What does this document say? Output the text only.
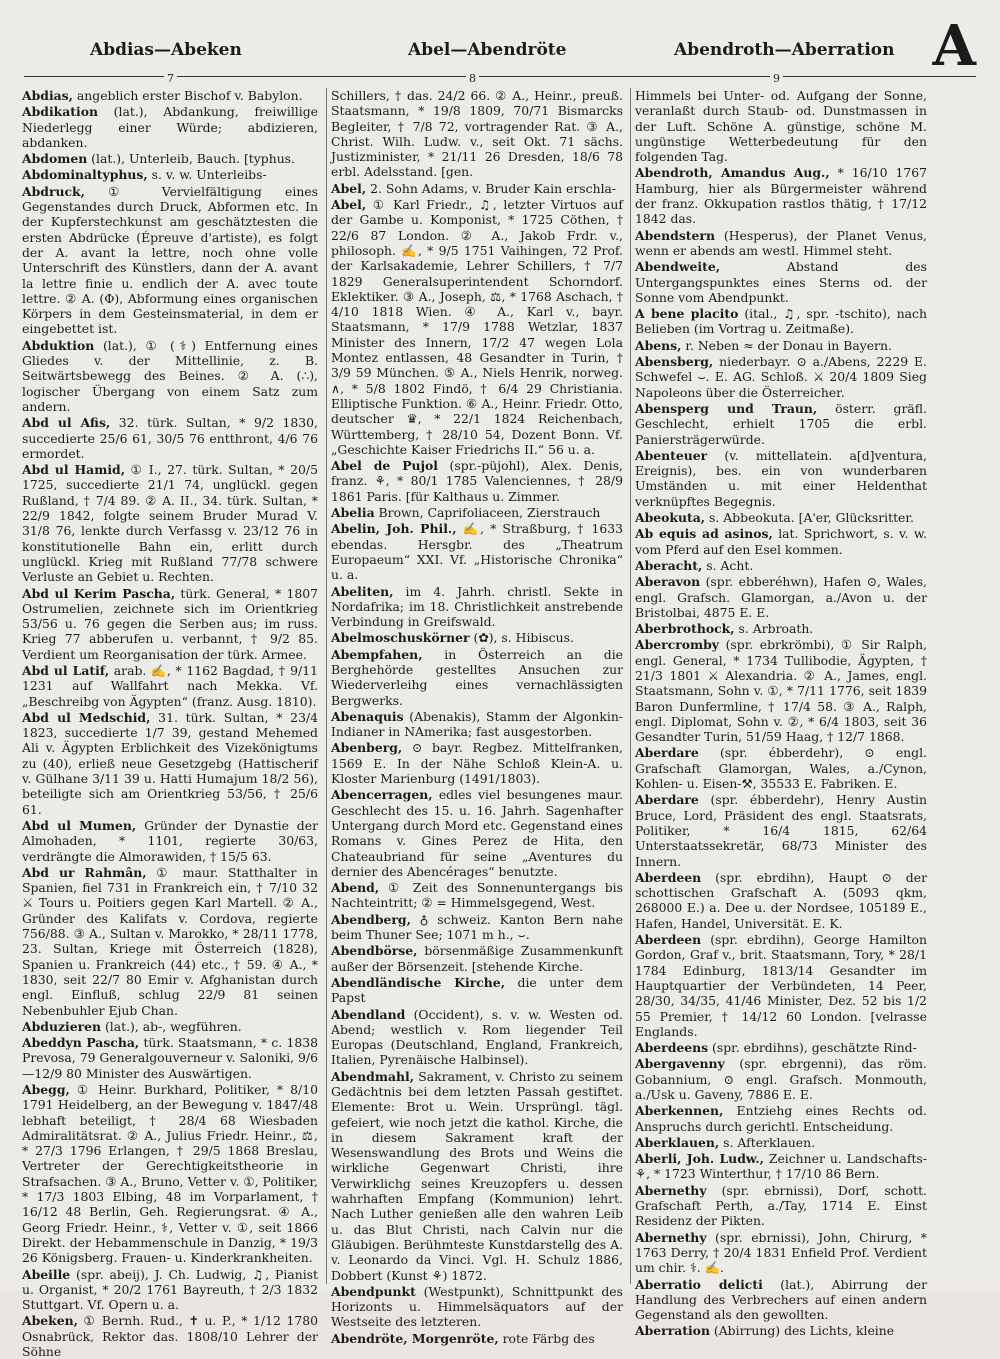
Abdias—Abeken	Abel—Abendröte	Abendroth—Aberration A
7	8	9

Abdias, angeblich erster Bischof v. Babylon.

Abdikation (lat.), Abdankung, freiwillige Niederlegg einer Würde; abdizieren, abdanken.

Abdomen (lat.), Unterleib, Bauch. [typhus.

Abdominaltyphus, s. v. w. Unterleibs-

Abdruck, ① Vervielfältigung eines Gegenstandes durch Druck, Abformen etc. In der Kupferstechkunst am geschätztesten die ersten Abdrücke (Épreuve d'artiste), es folgt der A. avant la lettre, noch ohne volle Unterschrift des Künstlers, dann der A. avant la lettre finie u. endlich der A. avec toute lettre. ② A. (Φ), Abformung eines organischen Körpers in dem Gesteinsmaterial, in dem er eingebettet ist.

Abduktion (lat.), ① (⚕) Entfernung eines Gliedes v. der Mittellinie, z. B. Seitwärtsbewegg des Beines. ② A. (∴), logischer Übergang von einem Satz zum andern.

Abd ul Afis, 32. türk. Sultan, * 9/2 1830, succedierte 25/6 61, 30/5 76 entthront, 4/6 76 ermordet.

Abd ul Hamid, ① I., 27. türk. Sultan, * 20/5 1725, succedierte 21/1 74, unglückl. gegen Rußland, † 7/4 89. ② A. II., 34. türk. Sultan, * 22/9 1842, folgte seinem Bruder Murad V. 31/8 76, lenkte durch Verfassg v. 23/12 76 in konstitutionelle Bahn ein, erlitt durch unglückl. Krieg mit Rußland 77/78 schwere Verluste an Gebiet u. Rechten.

Abd ul Kerim Pascha, türk. General, * 1807 Ostrumelien, zeichnete sich im Orientkrieg 53/56 u. 76 gegen die Serben aus; im russ. Krieg 77 abberufen u. verbannt, † 9/2 85. Verdient um Reorganisation der türk. Armee.

Abd ul Latif, arab. ✍, * 1162 Bagdad, † 9/11 1231 auf Wallfahrt nach Mekka. Vf. „Beschreibg von Ägypten“ (franz. Ausg. 1810).

Abd ul Medschid, 31. türk. Sultan, * 23/4 1823, succedierte 1/7 39, gestand Mehemed Ali v. Ägypten Erblichkeit des Vizekönigtums zu (40), erließ neue Gesetzgebg (Hattischerif v. Gülhane 3/11 39 u. Hatti Humajum 18/2 56), beteiligte sich am Orientkrieg 53/56, † 25/6 61.

Abd ul Mumen, Gründer der Dynastie der Almohaden, * 1101, regierte 30/63, verdrängte die Almorawiden, † 15/5 63.

Abd ur Rahmân, ① maur. Statthalter in Spanien, fiel 731 in Frankreich ein, † 7/10 32 ⚔ Tours u. Poitiers gegen Karl Martell. ② A., Gründer des Kalifats v. Cordova, regierte 756/88. ③ A., Sultan v. Marokko, * 28/11 1778, 23. Sultan, Kriege mit Österreich (1828), Spanien u. Frankreich (44) etc., † 59. ④ A., * 1830, seit 22/7 80 Emir v. Afghanistan durch engl. Einfluß, schlug 22/9 81 seinen Nebenbuhler Ejub Chan.

Abduzieren (lat.), ab-, wegführen.

Abeddyn Pascha, türk. Staatsmann, * c. 1838 Prevosa, 79 Generalgouverneur v. Saloniki, 9/6—12/9 80 Minister des Auswärtigen.

Abegg, ① Heinr. Burkhard, Politiker, * 8/10 1791 Heidelberg, an der Bewegung v. 1847/48 lebhaft beteiligt, † 28/4 68 Wiesbaden Admiralitätsrat. ② A., Julius Friedr. Heinr., ⚖, * 27/3 1796 Erlangen, † 29/5 1868 Breslau, Vertreter der Gerechtigkeitstheorie in Strafsachen. ③ A., Bruno, Vetter v. ①, Politiker, * 17/3 1803 Elbing, 48 im Vorparlament, † 16/12 48 Berlin, Geh. Regierungsrat. ④ A., Georg Friedr. Heinr., ⚕, Vetter v. ①, seit 1866 Direkt. der Hebammenschule in Danzig, * 19/3 26 Königsberg. Frauen- u. Kinderkrankheiten.

Abeille (spr. abeij), J. Ch. Ludwig, ♫, Pianist u. Organist, * 20/2 1761 Bayreuth, † 2/3 1832 Stuttgart. Vf. Opern u. a.

Abeken, ① Bernh. Rud., ✝ u. P., * 1/12 1780 Osnabrück, Rektor das. 1808/10 Lehrer der Söhne

Schillers, † das. 24/2 66. ② A., Heinr., preuß. Staatsmann, * 19/8 1809, 70/71 Bismarcks Begleiter, † 7/8 72, vortragender Rat. ③ A., Christ. Wilh. Ludw. v., seit Okt. 71 sächs. Justizminister, * 21/11 26 Dresden, 18/6 78 erbl. Adelsstand. [gen.

Abel, 2. Sohn Adams, v. Bruder Kain erschla-

Abel, ① Karl Friedr., ♫, letzter Virtuos auf der Gambe u. Komponist, * 1725 Cöthen, † 22/6 87 London. ② A., Jakob Frdr. v., philosoph. ✍, * 9/5 1751 Vaihingen, 72 Prof. der Karlsakademie, Lehrer Schillers, † 7/7 1829 Generalsuperintendent Schorndorf. Eklektiker. ③ A., Joseph, ⚖, * 1768 Aschach, † 4/10 1818 Wien. ④ A., Karl v., bayr. Staatsmann, * 17/9 1788 Wetzlar, 1837 Minister des Innern, 17/2 47 wegen Lola Montez entlassen, 48 Gesandter in Turin, † 3/9 59 München. ⑤ A., Niels Henrik, norweg. ∧, * 5/8 1802 Findö, † 6/4 29 Christiania. Elliptische Funktion. ⑥ A., Heinr. Friedr. Otto, deutscher ♛, * 22/1 1824 Reichenbach, Württemberg, † 28/10 54, Dozent Bonn. Vf. „Geschichte Kaiser Friedrichs II.“ 56 u. a.

Abel de Pujol (spr.-püjohl), Alex. Denis, franz. ⚘, * 80/1 1785 Valenciennes, † 28/9 1861 Paris. [für Kalthaus u. Zimmer.

Abelia Brown, Caprifoliaceen, Zierstrauch

Abelin, Joh. Phil., ✍, * Straßburg, † 1633 ebendas. Hersgbr. des „Theatrum Europaeum“ XXI. Vf. „Historische Chronika“ u. a.

Abeliten, im 4. Jahrh. christl. Sekte in Nordafrika; im 18. Christlichkeit anstrebende Verbindung in Greifswald.

Abelmoschuskörner (✿), s. Hibiscus.

Abempfahen, in Österreich an die Berghehörde gestelltes Ansuchen zur Wiederverleihg eines vernachlässigten Bergwerks.

Abenaquis (Abenakis), Stamm der Algonkin-Indianer in NAmerika; fast ausgestorben.

Abenberg, ⊙ bayr. Regbez. Mittelfranken, 1569 E. In der Nähe Schloß Klein-A. u. Kloster Marienburg (1491/1803).

Abencerragen, edles viel besungenes maur. Geschlecht des 15. u. 16. Jahrh. Sagenhafter Untergang durch Mord etc. Gegenstand eines Romans v. Gines Perez de Hita, den Chateaubriand für seine „Aventures du dernier des Abencérages“ benutzte.

Abend, ① Zeit des Sonnenuntergangs bis Nachteintritt; ② = Himmelsgegend, West.

Abendberg, ♁ schweiz. Kanton Bern nahe beim Thuner See; 1071 m h., ⌣.

Abendbörse, börsenmäßige Zusammenkunft außer der Börsenzeit. [stehende Kirche.

Abendländische Kirche, die unter dem Papst

Abendland (Occident), s. v. w. Westen od. Abend; westlich v. Rom liegender Teil Europas (Deutschland, England, Frankreich, Italien, Pyrenäische Halbinsel).

Abendmahl, Sakrament, v. Christo zu seinem Gedächtnis bei dem letzten Passah gestiftet. Elemente: Brot u. Wein. Ursprüngl. tägl. gefeiert, wie noch jetzt die kathol. Kirche, die in diesem Sakrament kraft der Wesenswandlung des Brots und Weins die wirkliche Gegenwart Christi, ihre Verwirklichg seines Kreuzopfers u. dessen wahrhaften Empfang (Kommunion) lehrt. Nach Luther genießen alle den wahren Leib u. das Blut Christi, nach Calvin nur die Gläubigen. Berühmteste Kunstdarstellg des A. v. Leonardo da Vinci. Vgl. H. Schulz 1886, Dobbert (Kunst ⚘) 1872.

Abendpunkt (Westpunkt), Schnittpunkt des Horizonts u. Himmelsäquators auf der Westseite des letzteren.

Abendröte, Morgenröte, rote Färbg des

Himmels bei Unter- od. Aufgang der Sonne, veranlaßt durch Staub- od. Dunstmassen in der Luft. Schöne A. günstige, schöne M. ungünstige Wetterbedeutung für den folgenden Tag.

Abendroth, Amandus Aug., * 16/10 1767 Hamburg, hier als Bürgermeister während der franz. Okkupation rastlos thätig, † 17/12 1842 das.

Abendstern (Hesperus), der Planet Venus, wenn er abends am westl. Himmel steht.

Abendweite, Abstand des Untergangspunktes eines Sterns od. der Sonne vom Abendpunkt.

A bene placito (ital., ♫, spr. -tschito), nach Belieben (im Vortrag u. Zeitmaße).

Abens, r. Neben ≈ der Donau in Bayern.

Abensberg, niederbayr. ⊙ a./Abens, 2229 E. Schwefel ⌣. E. AG. Schloß. ⚔ 20/4 1809 Sieg Napoleons über die Österreicher.

Abensperg und Traun, österr. gräfl. Geschlecht, erhielt 1705 die erbl. Paniersträgerwürde.

Abenteuer (v. mittellatein. a[d]ventura, Ereignis), bes. ein von wunderbaren Umständen u. mit einer Heldenthat verknüpftes Begegnis.

Abeokuta, s. Abbeokuta. [A'er, Glücksritter.

Ab equis ad asinos, lat. Sprichwort, s. v. w. vom Pferd auf den Esel kommen.

Aberacht, s. Acht.

Aberavon (spr. ebberéhwn), Hafen ⊙, Wales, engl. Grafsch. Glamorgan, a./Avon u. der Bristolbai, 4875 E. E.

Aberbrothock, s. Arbroath.

Abercromby (spr. ebrkrömbi), ① Sir Ralph, engl. General, * 1734 Tullibodie, Ägypten, † 21/3 1801 ⚔ Alexandria. ② A., James, engl. Staatsmann, Sohn v. ①, * 7/11 1776, seit 1839 Baron Dunfermline, † 17/4 58. ③ A., Ralph, engl. Diplomat, Sohn v. ②, * 6/4 1803, seit 36 Gesandter Turin, 51/59 Haag, † 12/7 1868.

Aberdare (spr. ébberdehr), ⊙ engl. Grafschaft Glamorgan, Wales, a./Cynon, Kohlen- u. Eisen-⚒, 35533 E. Fabriken. E.

Aberdare (spr. ébberdehr), Henry Austin Bruce, Lord, Präsident des engl. Staatsrats, Politiker, * 16/4 1815, 62/64 Unterstaatssekretär, 68/73 Minister des Innern.

Aberdeen (spr. ebrdihn), Haupt ⊙ der schottischen Grafschaft A. (5093 qkm, 268000 E.) a. Dee u. der Nordsee, 105189 E., Hafen, Handel, Universität. E. K.

Aberdeen (spr. ebrdihn), George Hamilton Gordon, Graf v., brit. Staatsmann, Tory, * 28/1 1784 Edinburg, 1813/14 Gesandter im Hauptquartier der Verbündeten, 14 Peer, 28/30, 34/35, 41/46 Minister, Dez. 52 bis 1/2 55 Premier, † 14/12 60 London. [velrasse Englands.

Aberdeens (spr. ebrdihns), geschätzte Rind-

Abergavenny (spr. ebrgenni), das röm. Gobannium, ⊙ engl. Grafsch. Monmouth, a./Usk u. Gaveny, 7886 E. E.

Aberkennen, Entziehg eines Rechts od. Anspruchs durch gerichtl. Entscheidung.

Aberklauen, s. Afterklauen.

Aberli, Joh. Ludw., Zeichner u. Landschafts-⚘, * 1723 Winterthur, † 17/10 86 Bern.

Abernethy (spr. ebrnissi), Dorf, schott. Grafschaft Perth, a./Tay, 1714 E. Einst Residenz der Pikten.

Abernethy (spr. ebrnissi), John, Chirurg, * 1763 Derry, † 20/4 1831 Enfield Prof. Verdient um chir. ⚕. ✍.

Aberratio delicti (lat.), Abirrung der Handlung des Verbrechers auf einen andern Gegenstand als den gewollten.

Aberration (Abirrung) des Lichts, kleine
